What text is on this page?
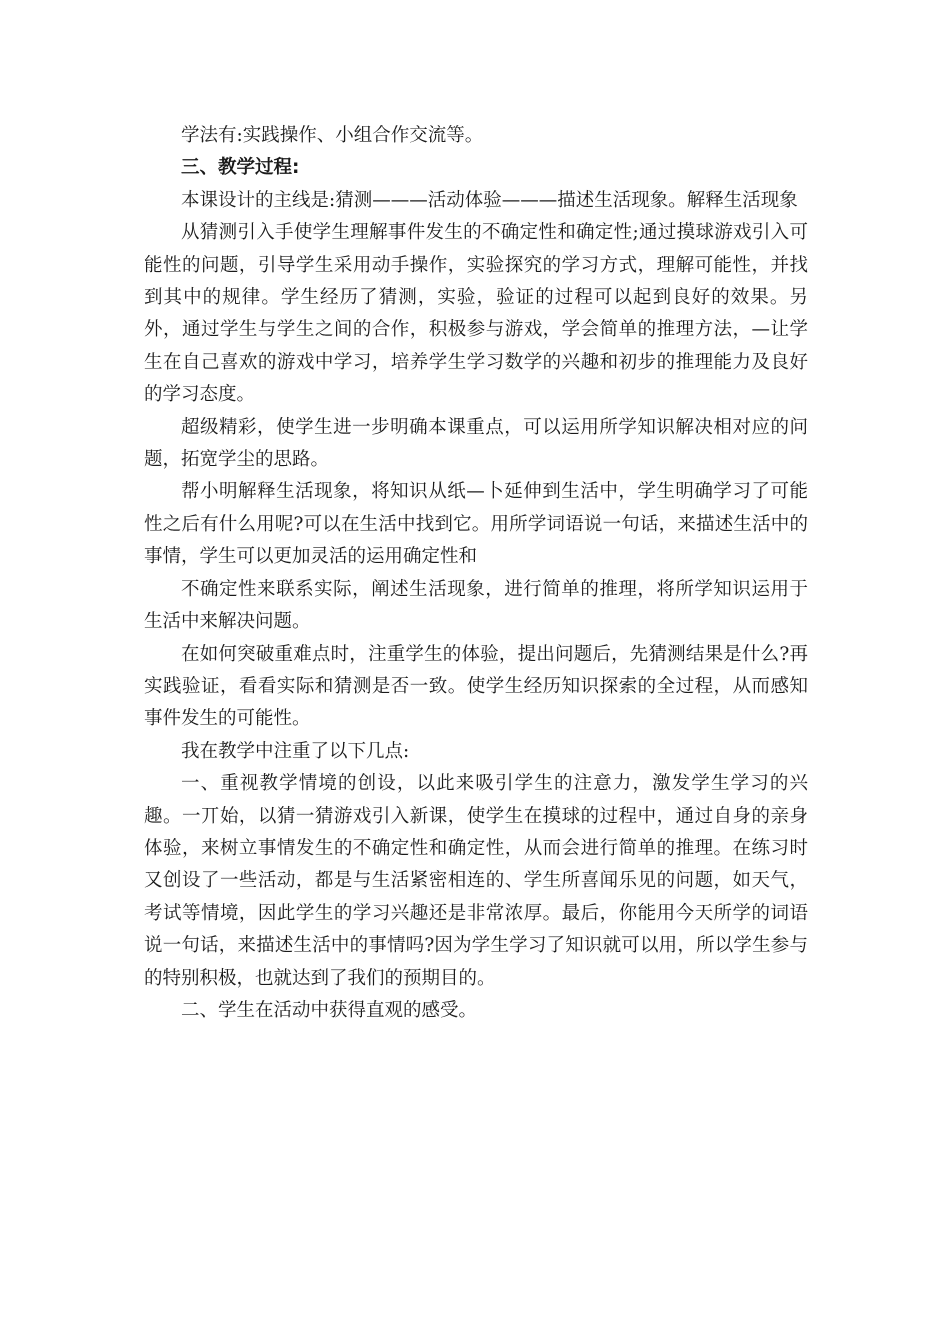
学法有:实践操作、小组合作交流等。

三、教学过程:

本课设计的主线是:猜测———活动体验———描述生活现象。解释生活现象

从猜测引入手使学生理解事件发生的不确定性和确定性;通过摸球游戏引入可能性的问题，引导学生采用动手操作，实验探究的学习方式，理解可能性，并找到其中的规律。学生经历了猜测，实验，验证的过程可以起到良好的效果。另外，通过学生与学生之间的合作，积极参与游戏，学会简单的推理方法，—让学生在自己喜欢的游戏中学习，培养学生学习数学的兴趣和初步的推理能力及良好的学习态度。

超级精彩，使学生进一步明确本课重点，可以运用所学知识解决相对应的问题，拓宽学尘的思路。

帮小明解释生活现象，将知识从纸—卜延伸到生活中，学生明确学习了可能性之后有什么用呢?可以在生活中找到它。用所学词语说一句话，来描述生活中的事情，学生可以更加灵活的运用确定性和

不确定性来联系实际，阐述生活现象，进行简单的推理，将所学知识运用于生活中来解决问题。

在如何突破重难点时，注重学生的体验，提出问题后，先猜测结果是什么?再实践验证，看看实际和猜测是否一致。使学生经历知识探索的全过程，从而感知事件发生的可能性。

我在教学中注重了以下几点:

一、重视教学情境的创设，以此来吸引学生的注意力，激发学生学习的兴趣。一丌始，以猜一猜游戏引入新课，使学生在摸球的过程中，通过自身的亲身体验，来树立事情发生的不确定性和确定性，从而会进行简单的推理。在练习时又创设了一些活动，都是与生活紧密相连的、学生所喜闻乐见的问题，如天气，考试等情境，因此学生的学习兴趣还是非常浓厚。最后，你能用今天所学的词语说一句话，来描述生活中的事情吗?因为学生学习了知识就可以用，所以学生参与的特别积极，也就达到了我们的预期目的。

二、学生在活动中获得直观的感受。
